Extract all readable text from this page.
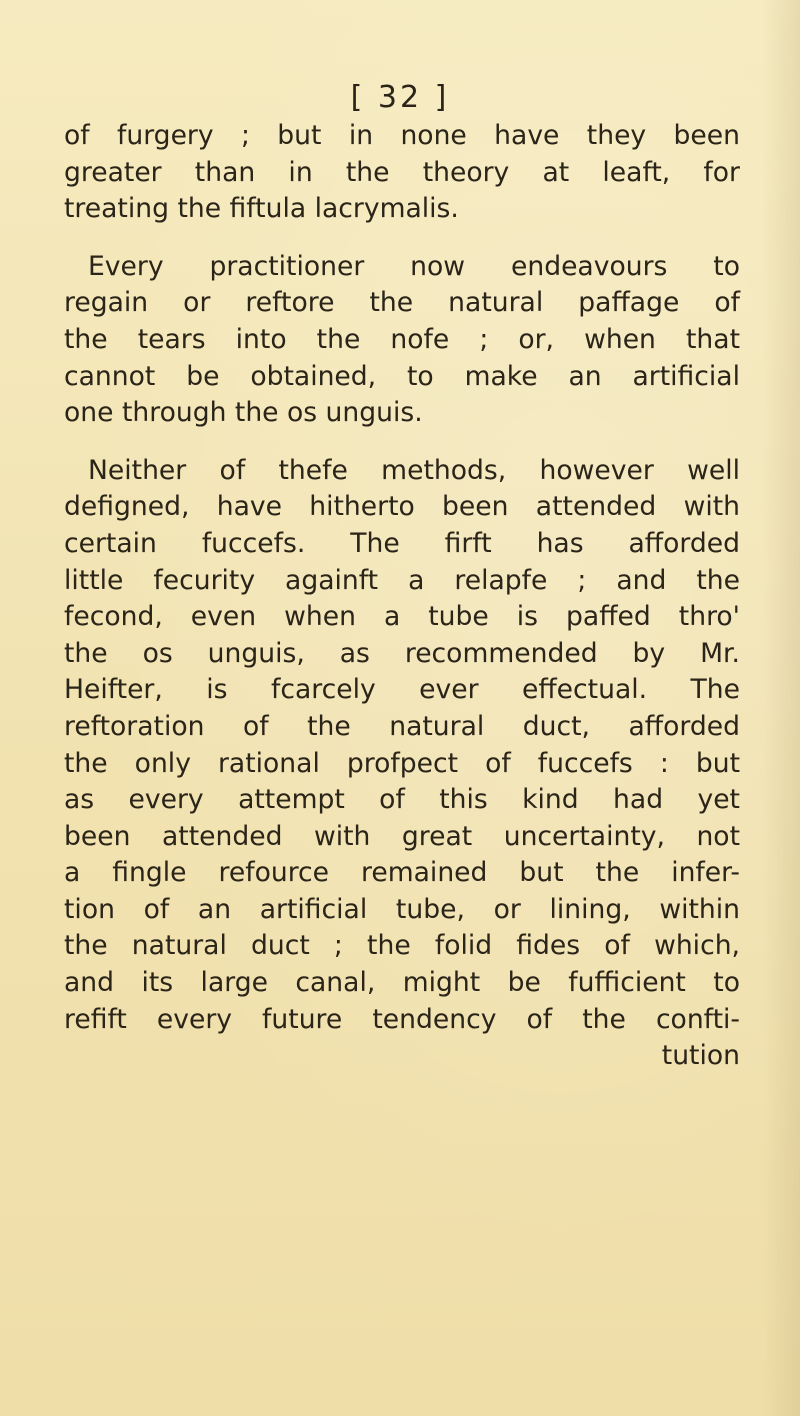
[ 32 ]
of furgery ; but in none have they been
greater than in the theory at leaft, for
treating the fiftula lacrymalis.
Every practitioner now endeavours to
regain or reftore the natural paffage of
the tears into the nofe ; or, when that
cannot be obtained, to make an artificial
one through the os unguis.
Neither of thefe methods, however well
defigned, have hitherto been attended with
certain fuccefs. The firft has afforded
little fecurity againft a relapfe ; and the
fecond, even when a tube is paffed thro'
the os unguis, as recommended by Mr.
Heifter, is fcarcely ever effectual. The
reftoration of the natural duct, afforded
the only rational profpect of fuccefs : but
as every attempt of this kind had yet
been attended with great uncertainty, not
a fingle refource remained but the infer-
tion of an artificial tube, or lining, within
the natural duct ; the folid fides of which,
and its large canal, might be fufficient to
refift every future tendency of the confti-
tution
